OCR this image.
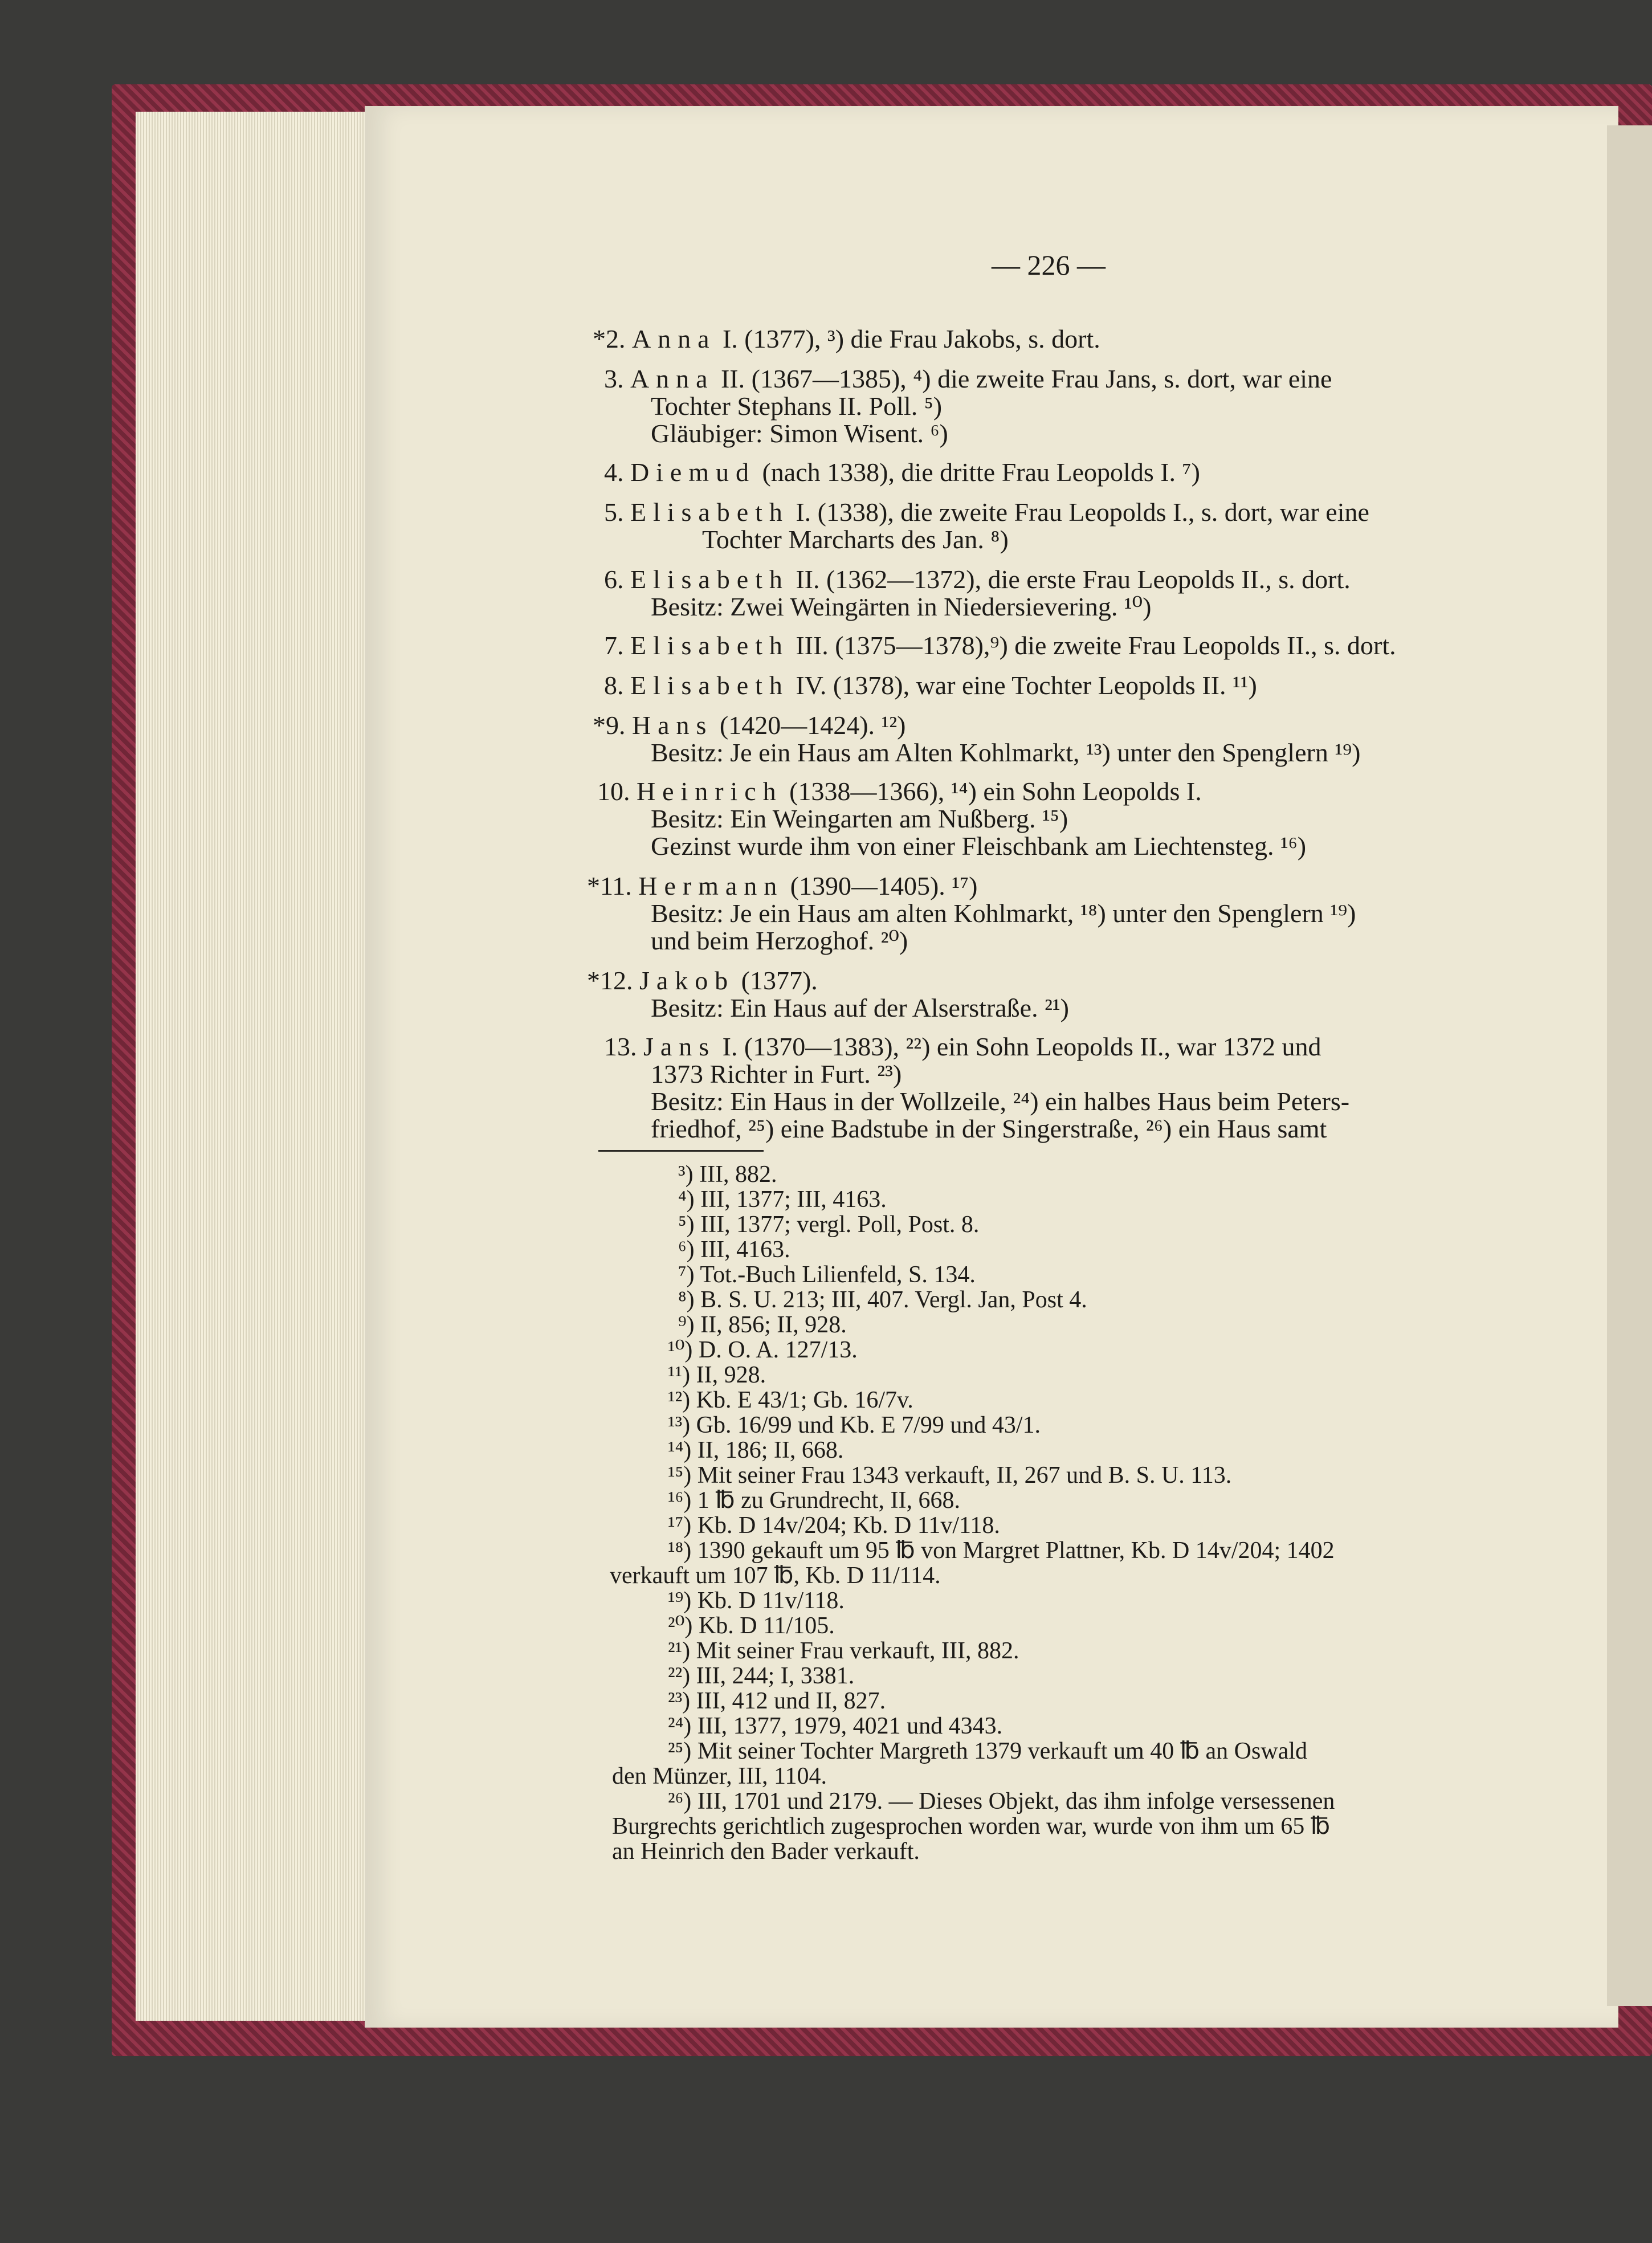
— 226 —
*2. Anna I. (1377), ³) die Frau Jakobs, s. dort.
3. Anna II. (1367—1385), ⁴) die zweite Frau Jans, s. dort, war eine
Tochter Stephans II. Poll. ⁵)
Gläubiger: Simon Wisent. ⁶)
4. Diemud (nach 1338), die dritte Frau Leopolds I. ⁷)
5. Elisabeth I. (1338), die zweite Frau Leopolds I., s. dort, war eine
Tochter Marcharts des Jan. ⁸)
6. Elisabeth II. (1362—1372), die erste Frau Leopolds II., s. dort.
Besitz: Zwei Weingärten in Niedersievering. ¹⁰)
7. Elisabeth III. (1375—1378),⁹) die zweite Frau Leopolds II., s. dort.
8. Elisabeth IV. (1378), war eine Tochter Leopolds II. ¹¹)
*9. Hans (1420—1424). ¹²)
Besitz: Je ein Haus am Alten Kohlmarkt, ¹³) unter den Spenglern ¹⁹)
10. Heinrich (1338—1366), ¹⁴) ein Sohn Leopolds I.
Besitz: Ein Weingarten am Nußberg. ¹⁵)
Gezinst wurde ihm von einer Fleischbank am Liechtensteg. ¹⁶)
*11. Hermann (1390—1405). ¹⁷)
Besitz: Je ein Haus am alten Kohlmarkt, ¹⁸) unter den Spenglern ¹⁹)
und beim Herzoghof. ²⁰)
*12. Jakob (1377).
Besitz: Ein Haus auf der Alserstraße. ²¹)
13. Jans I. (1370—1383), ²²) ein Sohn Leopolds II., war 1372 und
1373 Richter in Furt. ²³)
Besitz: Ein Haus in der Wollzeile, ²⁴) ein halbes Haus beim Peters-
friedhof, ²⁵) eine Badstube in der Singerstraße, ²⁶) ein Haus samt
³) III, 882.
⁴) III, 1377; III, 4163.
⁵) III, 1377; vergl. Poll, Post. 8.
⁶) III, 4163.
⁷) Tot.-Buch Lilienfeld, S. 134.
⁸) B. S. U. 213; III, 407. Vergl. Jan, Post 4.
⁹) II, 856; II, 928.
¹⁰) D. O. A. 127/13.
¹¹) II, 928.
¹²) Kb. E 43/1; Gb. 16/7v.
¹³) Gb. 16/99 und Kb. E 7/99 und 43/1.
¹⁴) II, 186; II, 668.
¹⁵) Mit seiner Frau 1343 verkauft, II, 267 und B. S. U. 113.
¹⁶) 1 ℔ zu Grundrecht, II, 668.
¹⁷) Kb. D 14v/204; Kb. D 11v/118.
¹⁸) 1390 gekauft um 95 ℔ von Margret Plattner, Kb. D 14v/204; 1402
verkauft um 107 ℔, Kb. D 11/114.
¹⁹) Kb. D 11v/118.
²⁰) Kb. D 11/105.
²¹) Mit seiner Frau verkauft, III, 882.
²²) III, 244; I, 3381.
²³) III, 412 und II, 827.
²⁴) III, 1377, 1979, 4021 und 4343.
²⁵) Mit seiner Tochter Margreth 1379 verkauft um 40 ℔ an Oswald
den Münzer, III, 1104.
²⁶) III, 1701 und 2179. — Dieses Objekt, das ihm infolge versessenen
Burgrechts gerichtlich zugesprochen worden war, wurde von ihm um 65 ℔
an Heinrich den Bader verkauft.
